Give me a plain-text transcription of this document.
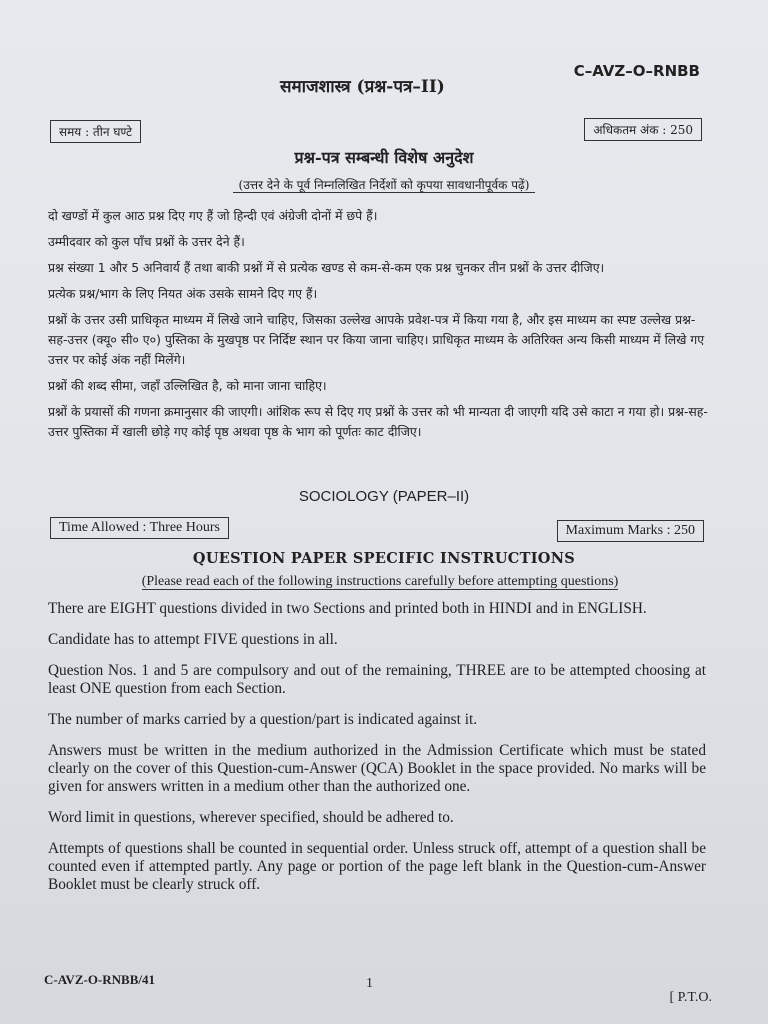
समाजशास्त्र (प्रश्न-पत्र–II)
C–AVZ–O–RNBB
समय : तीन घण्टे	अधिकतम अंक : 250
प्रश्न-पत्र सम्बन्धी विशेष अनुदेश
(उत्तर देने के पूर्व निम्नलिखित निर्देशों को कृपया सावधानीपूर्वक पढ़ें)

दो खण्डों में कुल आठ प्रश्न दिए गए हैं जो हिन्दी एवं अंग्रेजी दोनों में छपे हैं।

उम्मीदवार को कुल पाँच प्रश्नों के उत्तर देने हैं।

प्रश्न संख्या 1 और 5 अनिवार्य हैं तथा बाकी प्रश्नों में से प्रत्येक खण्ड से कम-से-कम एक प्रश्न चुनकर तीन प्रश्नों के उत्तर दीजिए।

प्रत्येक प्रश्न/भाग के लिए नियत अंक उसके सामने दिए गए हैं।

प्रश्नों के उत्तर उसी प्राधिकृत माध्यम में लिखे जाने चाहिए, जिसका उल्लेख आपके प्रवेश-पत्र में किया गया है, और इस माध्यम का स्पष्ट उल्लेख प्रश्न-सह-उत्तर (क्यू० सी० ए०) पुस्तिका के मुखपृष्ठ पर निर्दिष्ट स्थान पर किया जाना चाहिए। प्राधिकृत माध्यम के अतिरिक्त अन्य किसी माध्यम में लिखे गए उत्तर पर कोई अंक नहीं मिलेंगे।

प्रश्नों की शब्द सीमा, जहाँ उल्लिखित है, को माना जाना चाहिए।

प्रश्नों के प्रयासों की गणना क्रमानुसार की जाएगी। आंशिक रूप से दिए गए प्रश्नों के उत्तर को भी मान्यता दी जाएगी यदि उसे काटा न गया हो। प्रश्न-सह-उत्तर पुस्तिका में खाली छोड़े गए कोई पृष्ठ अथवा पृष्ठ के भाग को पूर्णतः काट दीजिए।

SOCIOLOGY (PAPER–II)
Time Allowed : Three Hours	Maximum Marks : 250
QUESTION PAPER SPECIFIC INSTRUCTIONS
(Please read each of the following instructions carefully before attempting questions)

There are EIGHT questions divided in two Sections and printed both in HINDI and in ENGLISH.

Candidate has to attempt FIVE questions in all.

Question Nos. 1 and 5 are compulsory and out of the remaining, THREE are to be attempted choosing at least ONE question from each Section.

The number of marks carried by a question/part is indicated against it.

Answers must be written in the medium authorized in the Admission Certificate which must be stated clearly on the cover of this Question-cum-Answer (QCA) Booklet in the space provided. No marks will be given for answers written in a medium other than the authorized one.

Word limit in questions, wherever specified, should be adhered to.

Attempts of questions shall be counted in sequential order. Unless struck off, attempt of a question shall be counted even if attempted partly. Any page or portion of the page left blank in the Question-cum-Answer Booklet must be clearly struck off.

C-AVZ-O-RNBB/41	1
[ P.T.O.
